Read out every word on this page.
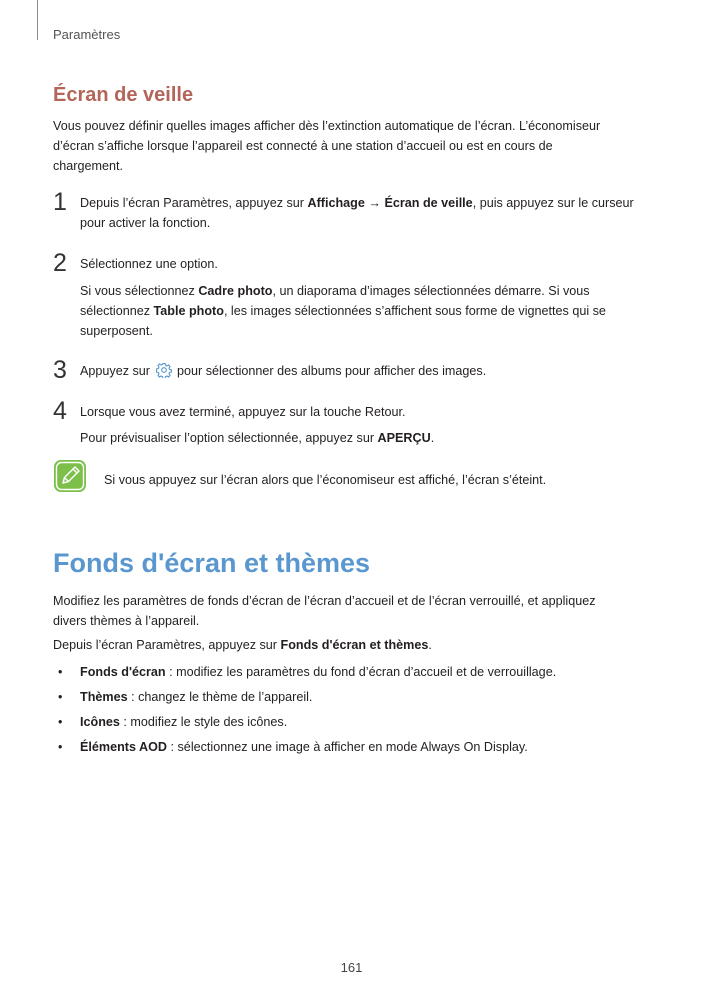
Paramètres
Écran de veille
Vous pouvez définir quelles images afficher dès l’extinction automatique de l’écran. L’économiseur
d’écran s’affiche lorsque l’appareil est connecté à une station d’accueil ou est en cours de
chargement.
1 Depuis l’écran Paramètres, appuyez sur Affichage → Écran de veille, puis appuyez sur le curseur
pour activer la fonction.
2 Sélectionnez une option.
Si vous sélectionnez Cadre photo, un diaporama d’images sélectionnées démarre. Si vous
sélectionnez Table photo, les images sélectionnées s’affichent sous forme de vignettes qui se
superposent.
3 Appuyez sur  pour sélectionner des albums pour afficher des images.
4 Lorsque vous avez terminé, appuyez sur la touche Retour.
Pour prévisualiser l’option sélectionnée, appuyez sur APERÇU.
Si vous appuyez sur l’écran alors que l’économiseur est affiché, l’écran s’éteint.
Fonds d'écran et thèmes
Modifiez les paramètres de fonds d’écran de l’écran d’accueil et de l’écran verrouillé, et appliquez
divers thèmes à l’appareil.
Depuis l’écran Paramètres, appuyez sur Fonds d'écran et thèmes.
•	Fonds d'écran : modifiez les paramètres du fond d’écran d’accueil et de verrouillage.
•	Thèmes : changez le thème de l’appareil.
•	Icônes : modifiez le style des icônes.
•	Éléments AOD : sélectionnez une image à afficher en mode Always On Display.
161
